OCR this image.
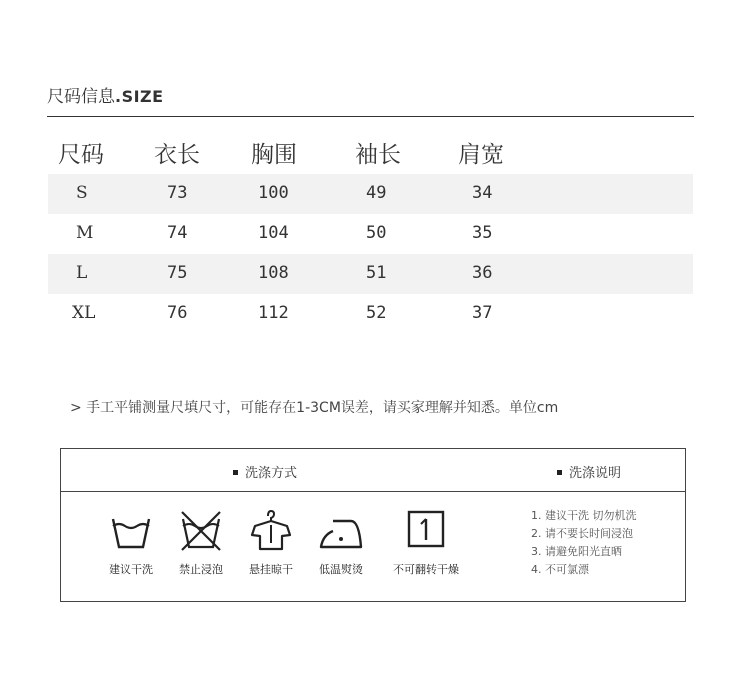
尺码信息.SIZE
尺码 衣长 胸围	袖长 肩宽
S	73	100	49	34
M	74	104	50	35
L	75	108	51	36
XL	76	112	52	37
> 手工平铺测量尺填尺寸，可能存在1-3CM误差，请买家理解并知悉。单位cm
洗涤方式	洗涤说明
建议干洗	禁止浸泡	悬挂晾干	低温熨烫	不可翻转干燥
1. 建议干洗 切勿机洗
2. 请不要长时间浸泡
3. 请避免阳光直晒
4. 不可氯漂
